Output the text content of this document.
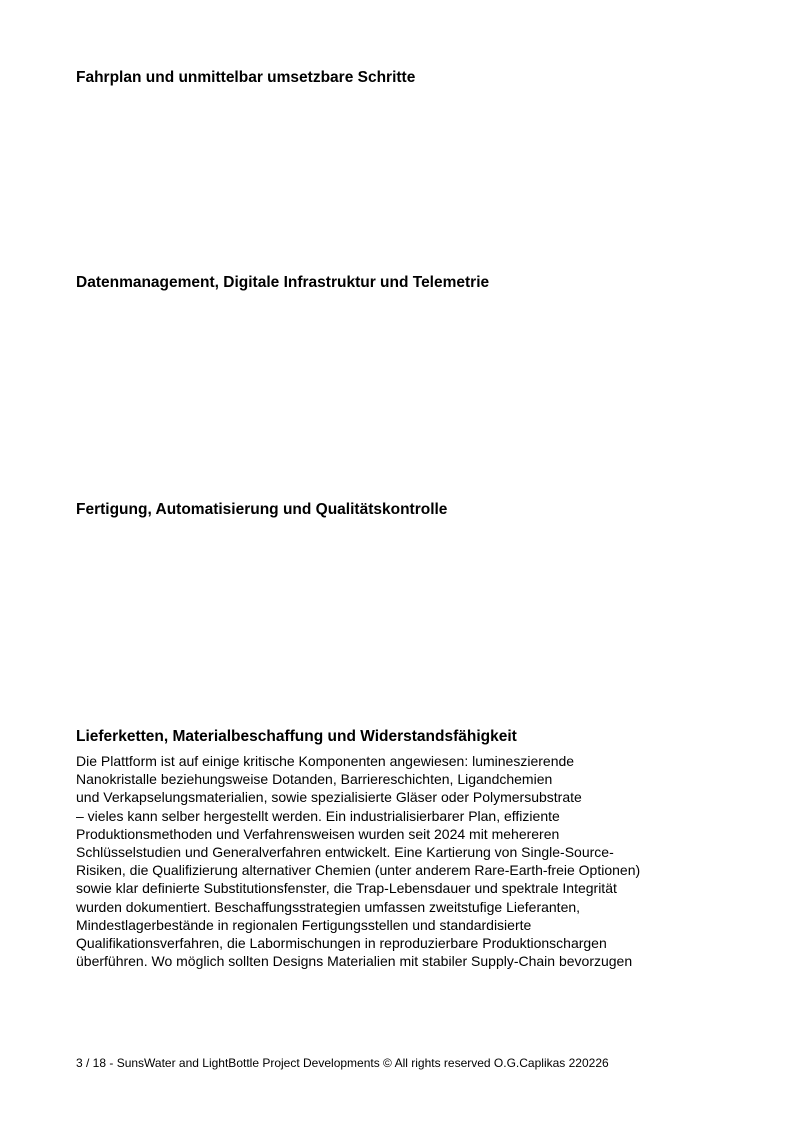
Fahrplan und unmittelbar umsetzbare Schritte
Datenmanagement, Digitale Infrastruktur und Telemetrie
Fertigung, Automatisierung und Qualitätskontrolle
Lieferketten, Materialbeschaffung und Widerstandsfähigkeit

Die Plattform ist auf einige kritische Komponenten angewiesen: lumineszierende
Nanokristalle beziehungsweise Dotanden, Barriereschichten, Ligandchemien
und Verkapselungsmaterialien, sowie spezialisierte Gläser oder Polymersubstrate
– vieles kann selber hergestellt werden. Ein industrialisierbarer Plan, effiziente
Produktionsmethoden und Verfahrensweisen wurden seit 2024 mit mehereren
Schlüsselstudien und Generalverfahren entwickelt. Eine Kartierung von Single-Source-
Risiken, die Qualifizierung alternativer Chemien (unter anderem Rare-Earth-freie Optionen)
sowie klar definierte Substitutionsfenster, die Trap-Lebensdauer und spektrale Integrität
wurden dokumentiert. Beschaffungsstrategien umfassen zweitstufige Lieferanten,
Mindestlagerbestände in regionalen Fertigungsstellen und standardisierte
Qualifikationsverfahren, die Labormischungen in reproduzierbare Produktionschargen
überführen. Wo möglich sollten Designs Materialien mit stabiler Supply-Chain bevorzugen

3 / 18 - SunsWater and LightBottle Project Developments © All rights reserved O.G.Caplikas 220226
